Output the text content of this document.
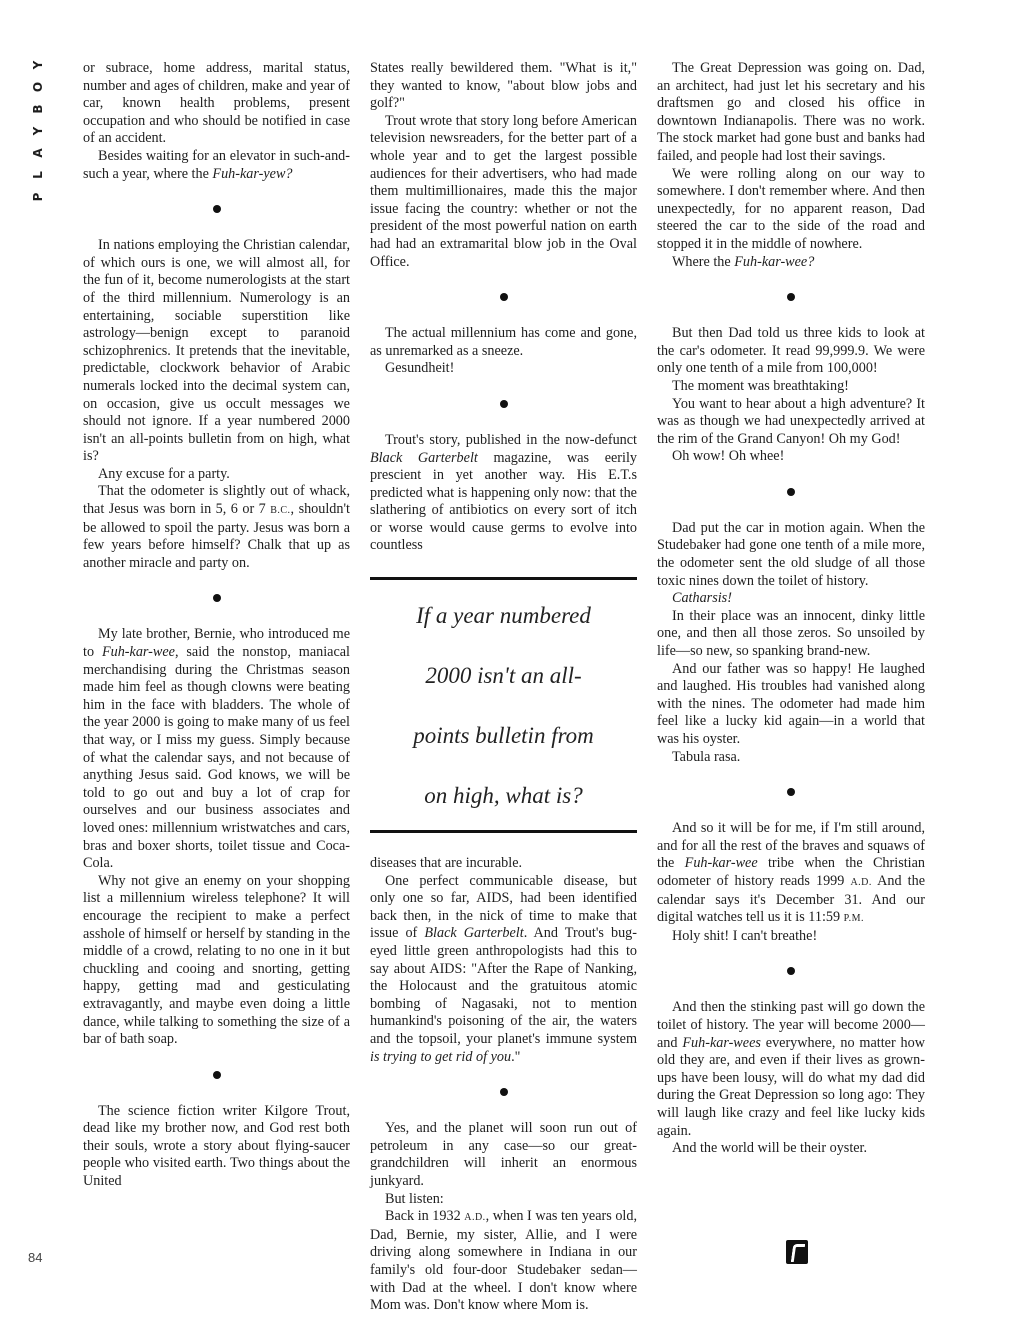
Y
O
B
Y
A
L
P

or subrace, home address, marital status, number and ages of children, make and year of car, known health problems, present occupation and who should be notified in case of an accident.

Besides waiting for an elevator in such-and-such a year, where the Fuh-kar-yew?

In nations employing the Christian calendar, of which ours is one, we will almost all, for the fun of it, become numerologists at the start of the third millennium. Numerology is an entertaining, sociable superstition like astrology—benign except to paranoid schizophrenics. It pretends that the inevitable, predictable, clockwork behavior of Arabic numerals locked into the decimal system can, on occasion, give us occult messages we should not ignore. If a year numbered 2000 isn't an all-points bulletin from on high, what is?

Any excuse for a party.

That the odometer is slightly out of whack, that Jesus was born in 5, 6 or 7 B.C., shouldn't be allowed to spoil the party. Jesus was born a few years before himself? Chalk that up as another miracle and party on.

My late brother, Bernie, who introduced me to Fuh-kar-wee, said the nonstop, maniacal merchandising during the Christmas season made him feel as though clowns were beating him in the face with bladders. The whole of the year 2000 is going to make many of us feel that way, or I miss my guess. Simply because of what the calendar says, and not because of anything Jesus said. God knows, we will be told to go out and buy a lot of crap for ourselves and our business associates and loved ones: millennium wristwatches and cars, bras and boxer shorts, toilet tissue and Coca-Cola.

Why not give an enemy on your shopping list a millennium wireless telephone? It will encourage the recipient to make a perfect asshole of himself or herself by standing in the middle of a crowd, relating to no one in it but chuckling and cooing and snorting, getting happy, getting mad and gesticulating extravagantly, and maybe even doing a little dance, while talking to something the size of a bar of bath soap.

The science fiction writer Kilgore Trout, dead like my brother now, and God rest both their souls, wrote a story about flying-saucer people who visited earth. Two things about the United

States really bewildered them. "What is it," they wanted to know, "about blow jobs and golf?"

Trout wrote that story long before American television newsreaders, for the better part of a whole year and to get the largest possible audiences for their advertisers, who had made them multimillionaires, made this the major issue facing the country: whether or not the president of the most powerful nation on earth had had an extramarital blow job in the Oval Office.

The actual millennium has come and gone, as unremarked as a sneeze.

Gesundheit!

Trout's story, published in the now-defunct Black Garterbelt magazine, was eerily prescient in yet another way. His E.T.s predicted what is happening only now: that the slathering of antibiotics on every sort of itch or worse would cause germs to evolve into countless

If a year numbered
2000 isn't an all-
points bulletin from
on high, what is?

diseases that are incurable.

One perfect communicable disease, but only one so far, AIDS, had been identified back then, in the nick of time to make that issue of Black Garterbelt. And Trout's bug-eyed little green anthropologists had this to say about AIDS: "After the Rape of Nanking, the Holocaust and the gratuitous atomic bombing of Nagasaki, not to mention humankind's poisoning of the air, the waters and the topsoil, your planet's immune system is trying to get rid of you."

Yes, and the planet will soon run out of petroleum in any case—so our great-grandchildren will inherit an enormous junkyard.

But listen:

Back in 1932 A.D., when I was ten years old, Dad, Bernie, my sister, Allie, and I were driving along somewhere in Indiana in our family's old four-door Studebaker sedan—with Dad at the wheel. I don't know where Mom was. Don't know where Mom is.

The Great Depression was going on. Dad, an architect, had just let his secretary and his draftsmen go and closed his office in downtown Indianapolis. There was no work. The stock market had gone bust and banks had failed, and people had lost their savings.

We were rolling along on our way to somewhere. I don't remember where. And then unexpectedly, for no apparent reason, Dad steered the car to the side of the road and stopped it in the middle of nowhere.

Where the Fuh-kar-wee?

But then Dad told us three kids to look at the car's odometer. It read 99,999.9. We were only one tenth of a mile from 100,000!

The moment was breathtaking!

You want to hear about a high adventure? It was as though we had unexpectedly arrived at the rim of the Grand Canyon! Oh my God!

Oh wow! Oh whee!

Dad put the car in motion again. When the Studebaker had gone one tenth of a mile more, the odometer sent the old sludge of all those toxic nines down the toilet of history.

Catharsis!

In their place was an innocent, dinky little one, and then all those zeros. So unsoiled by life—so new, so spanking brand-new.

And our father was so happy! He laughed and laughed. His troubles had vanished along with the nines. The odometer had made him feel like a lucky kid again—in a world that was his oyster.

Tabula rasa.

And so it will be for me, if I'm still around, and for all the rest of the braves and squaws of the Fuh-kar-wee tribe when the Christian odometer of history reads 1999 A.D. And the calendar says it's December 31. And our digital watches tell us it is 11:59 P.M.

Holy shit! I can't breathe!

And then the stinking past will go down the toilet of history. The year will become 2000—and Fuh-kar-wees everywhere, no matter how old they are, and even if their lives as grown-ups have been lousy, will do what my dad did during the Great Depression so long ago: They will laugh like crazy and feel like lucky kids again.

And the world will be their oyster.

84
